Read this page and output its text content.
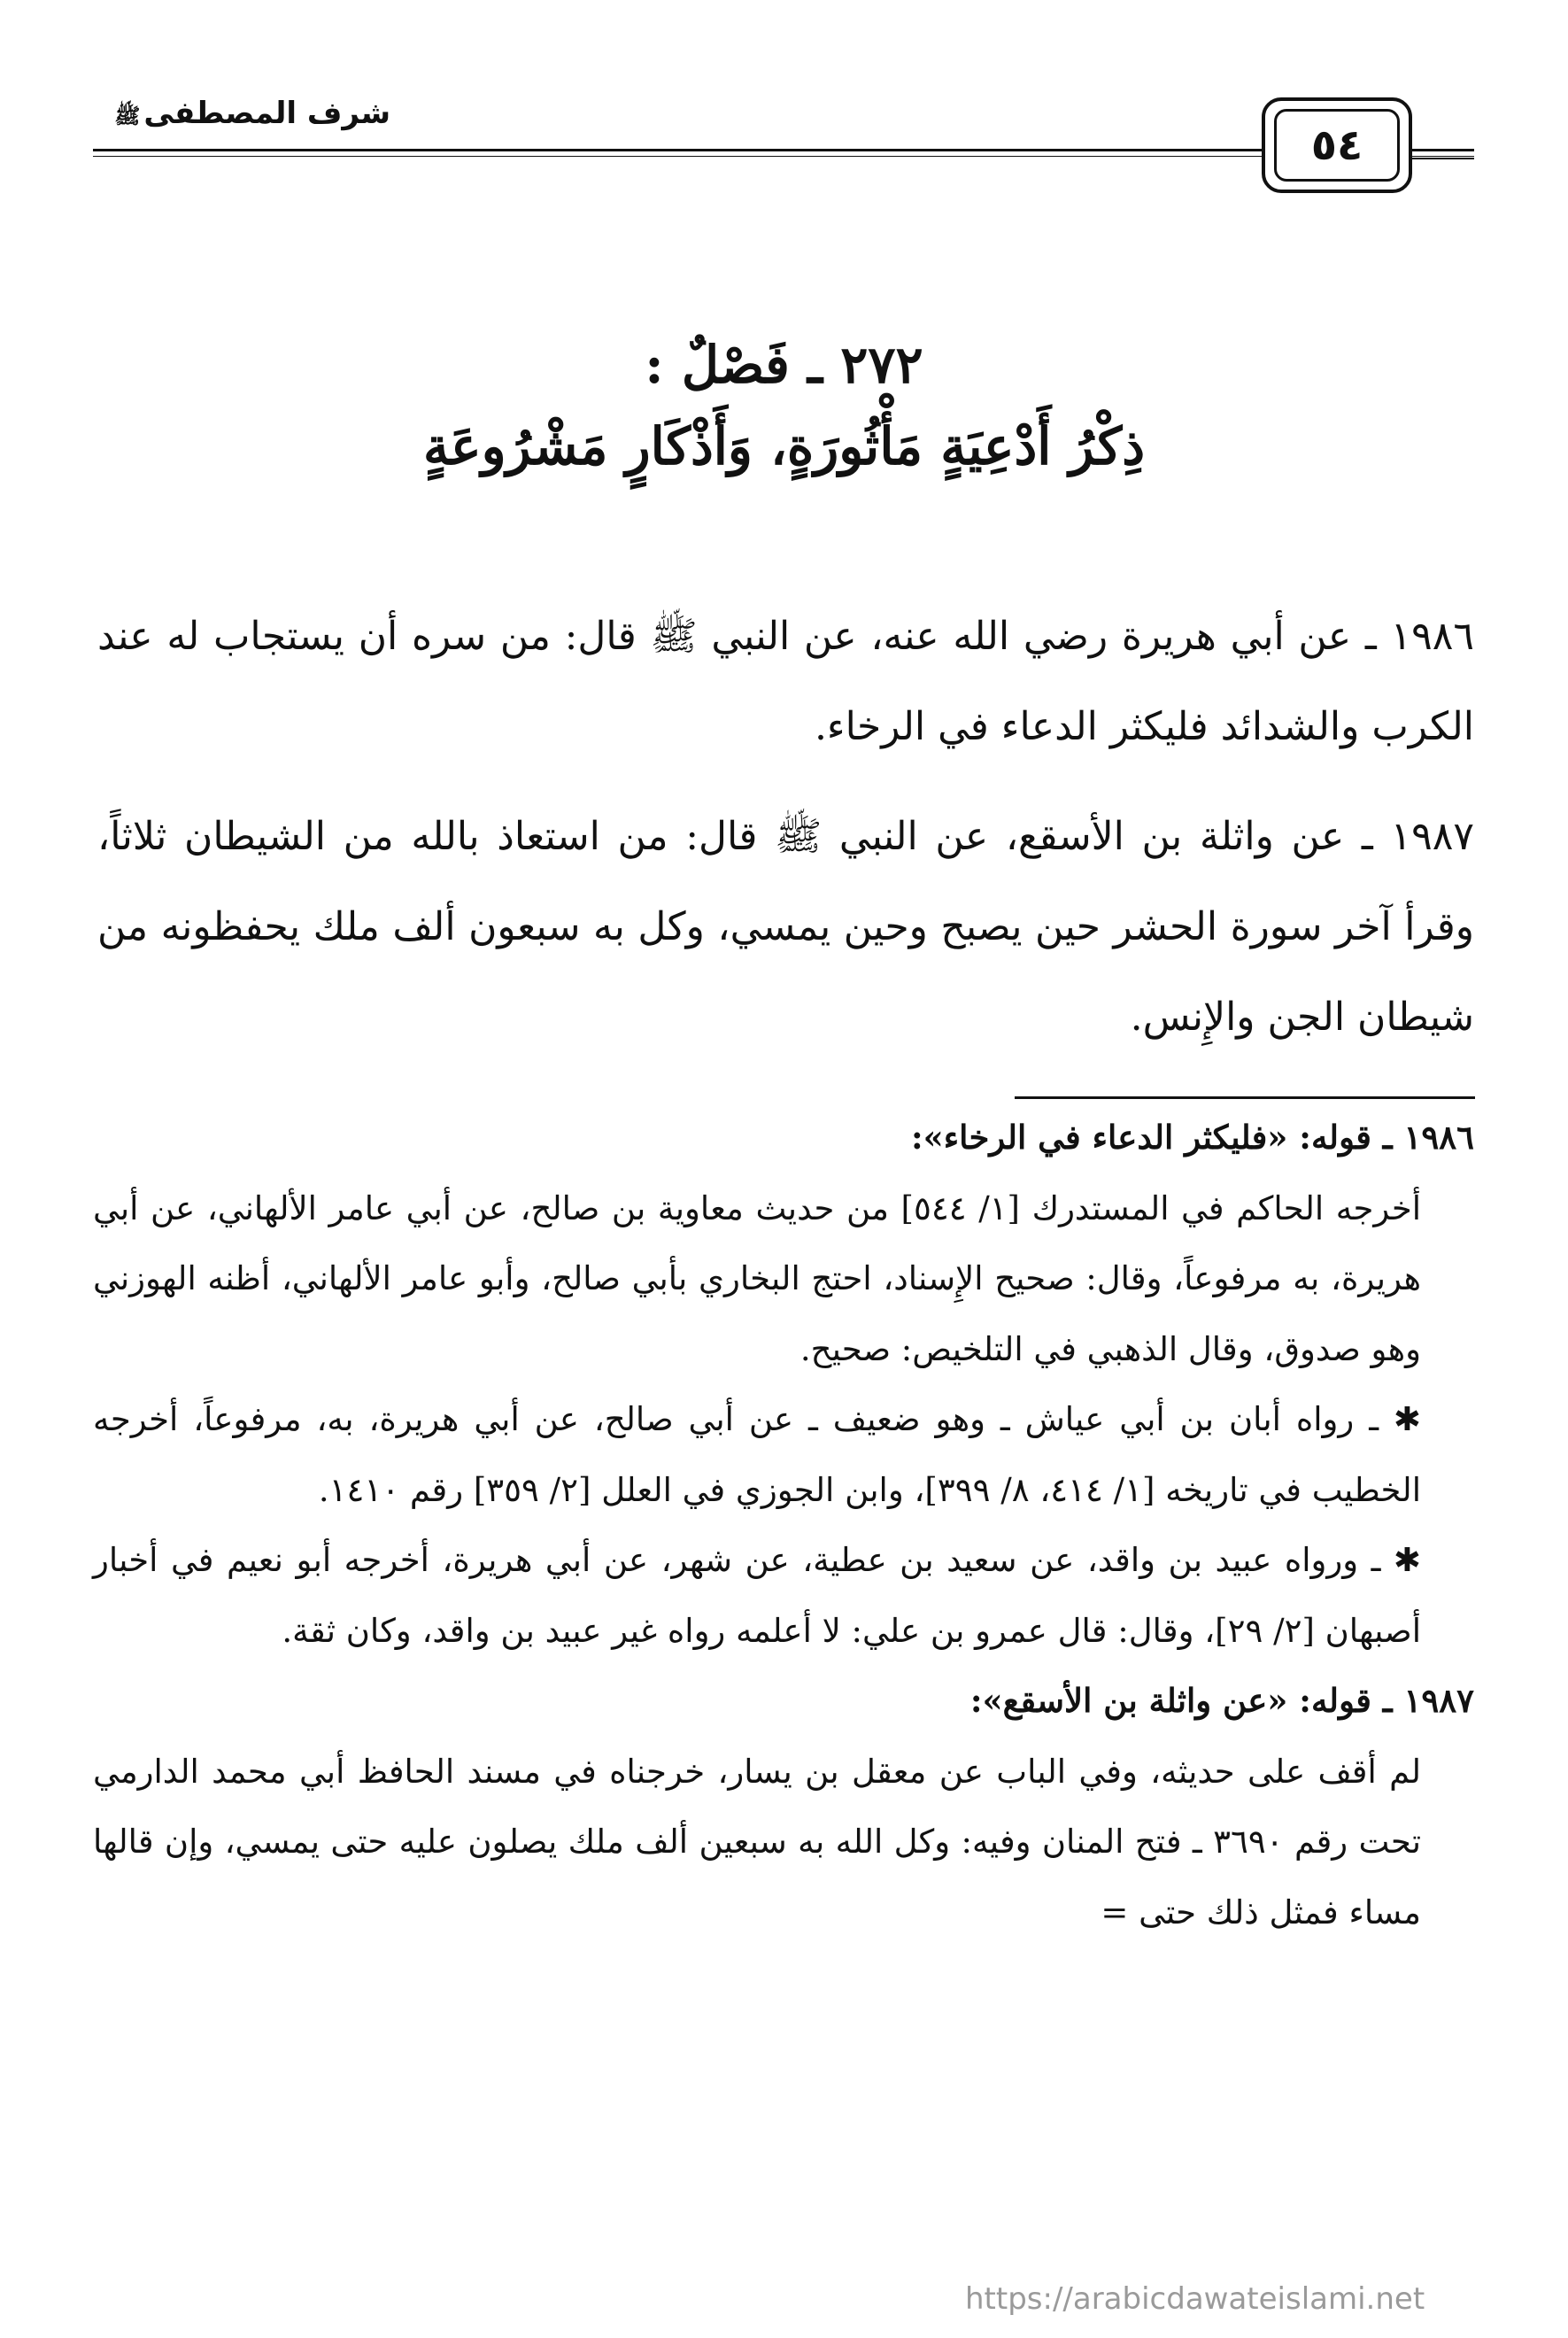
٥٤
شرف المصطفىﷺ
٢٧٢ ـ فَصْلٌ :
ذِكْرُ أَدْعِيَةٍ مَأْثُورَةٍ، وَأَذْكَارٍ مَشْرُوعَةٍ

١٩٨٦ ـ عن أبي هريرة رضي الله عنه، عن النبي ﷺ قال: من سره أن يستجاب له عند الكرب والشدائد فليكثر الدعاء في الرخاء.

١٩٨٧ ـ عن واثلة بن الأسقع، عن النبي ﷺ قال: من استعاذ بالله من الشيطان ثلاثاً، وقرأ آخر سورة الحشر حين يصبح وحين يمسي، وكل به سبعون ألف ملك يحفظونه من شيطان الجن والإِنس.

١٩٨٦ ـ قوله: «فليكثر الدعاء في الرخاء»:

أخرجه الحاكم في المستدرك [١/ ٥٤٤] من حديث معاوية بن صالح، عن أبي عامر الألهاني، عن أبي هريرة، به مرفوعاً، وقال: صحيح الإِسناد، احتج البخاري بأبي صالح، وأبو عامر الألهاني، أظنه الهوزني وهو صدوق، وقال الذهبي في التلخيص: صحيح.

✱ ـ رواه أبان بن أبي عياش ـ وهو ضعيف ـ عن أبي صالح، عن أبي هريرة، به، مرفوعاً، أخرجه الخطيب في تاريخه [١/ ٤١٤، ٨/ ٣٩٩]، وابن الجوزي في العلل [٢/ ٣٥٩] رقم ١٤١٠.

✱ ـ ورواه عبيد بن واقد، عن سعيد بن عطية، عن شهر، عن أبي هريرة، أخرجه أبو نعيم في أخبار أصبهان [٢/ ٢٩]، وقال: قال عمرو بن علي: لا أعلمه رواه غير عبيد بن واقد، وكان ثقة.

١٩٨٧ ـ قوله: «عن واثلة بن الأسقع»:

لم أقف على حديثه، وفي الباب عن معقل بن يسار، خرجناه في مسند الحافظ أبي محمد الدارمي تحت رقم ٣٦٩٠ ـ فتح المنان وفيه: وكل الله به سبعين ألف ملك يصلون عليه حتى يمسي، وإن قالها مساء فمثل ذلك حتى =

https://arabicdawateislami.net
